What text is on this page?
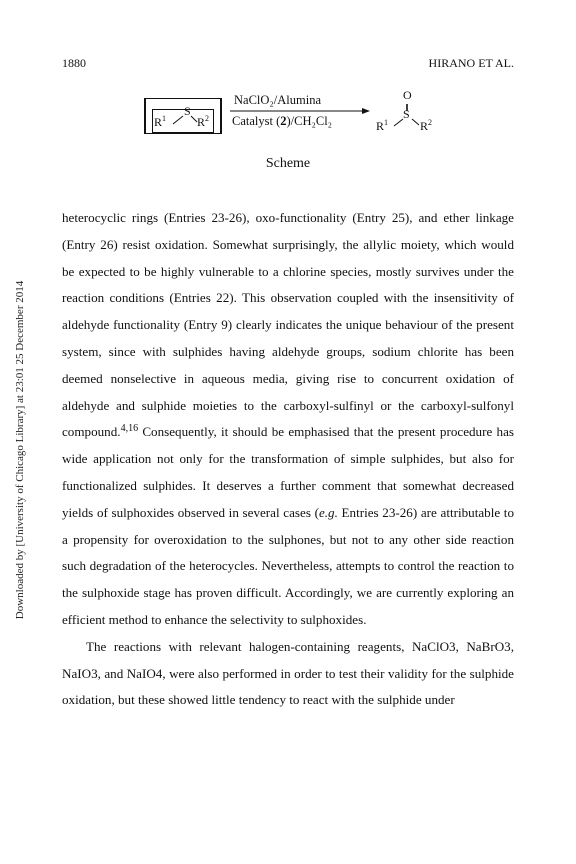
1880	HIRANO ET AL.
Downloaded by [University of Chicago Library] at 23:01 25 December 2014
$R^1$
S
$R^2$
NaClO₂/Alumina
Catalyst (2)/CH₂Cl₂
O
$R^1$
S
$R^2$
Scheme

heterocyclic rings (Entries 23-26), oxo-functionality (Entry 25), and ether linkage (Entry 26) resist oxidation. Somewhat surprisingly, the allylic moiety, which would be expected to be highly vulnerable to a chlorine species, mostly survives under the reaction conditions (Entries 22). This observation coupled with the insensitivity of aldehyde functionality (Entry 9) clearly indicates the unique behaviour of the present system, since with sulphides having aldehyde groups, sodium chlorite has been deemed nonselective in aqueous media, giving rise to concurrent oxidation of aldehyde and sulphide moieties to the carboxyl-sulfinyl or the carboxyl-sulfonyl compound.$^{4,16}$ Consequently, it should be emphasised that the present procedure has wide application not only for the transformation of simple sulphides, but also for functionalized sulphides. It deserves a further comment that somewhat decreased yields of sulphoxides observed in several cases (e.g. Entries 23-26) are attributable to a propensity for overoxidation to the sulphones, but not to any other side reaction such degradation of the heterocycles. Nevertheless, attempts to control the reaction to the sulphoxide stage has proven difficult. Accordingly, we are currently exploring an efficient method to enhance the selectivity to sulphoxides.

The reactions with relevant halogen-containing reagents, NaClO3, NaBrO3, NaIO3, and NaIO4, were also performed in order to test their validity for the sulphide oxidation, but these showed little tendency to react with the sulphide under
